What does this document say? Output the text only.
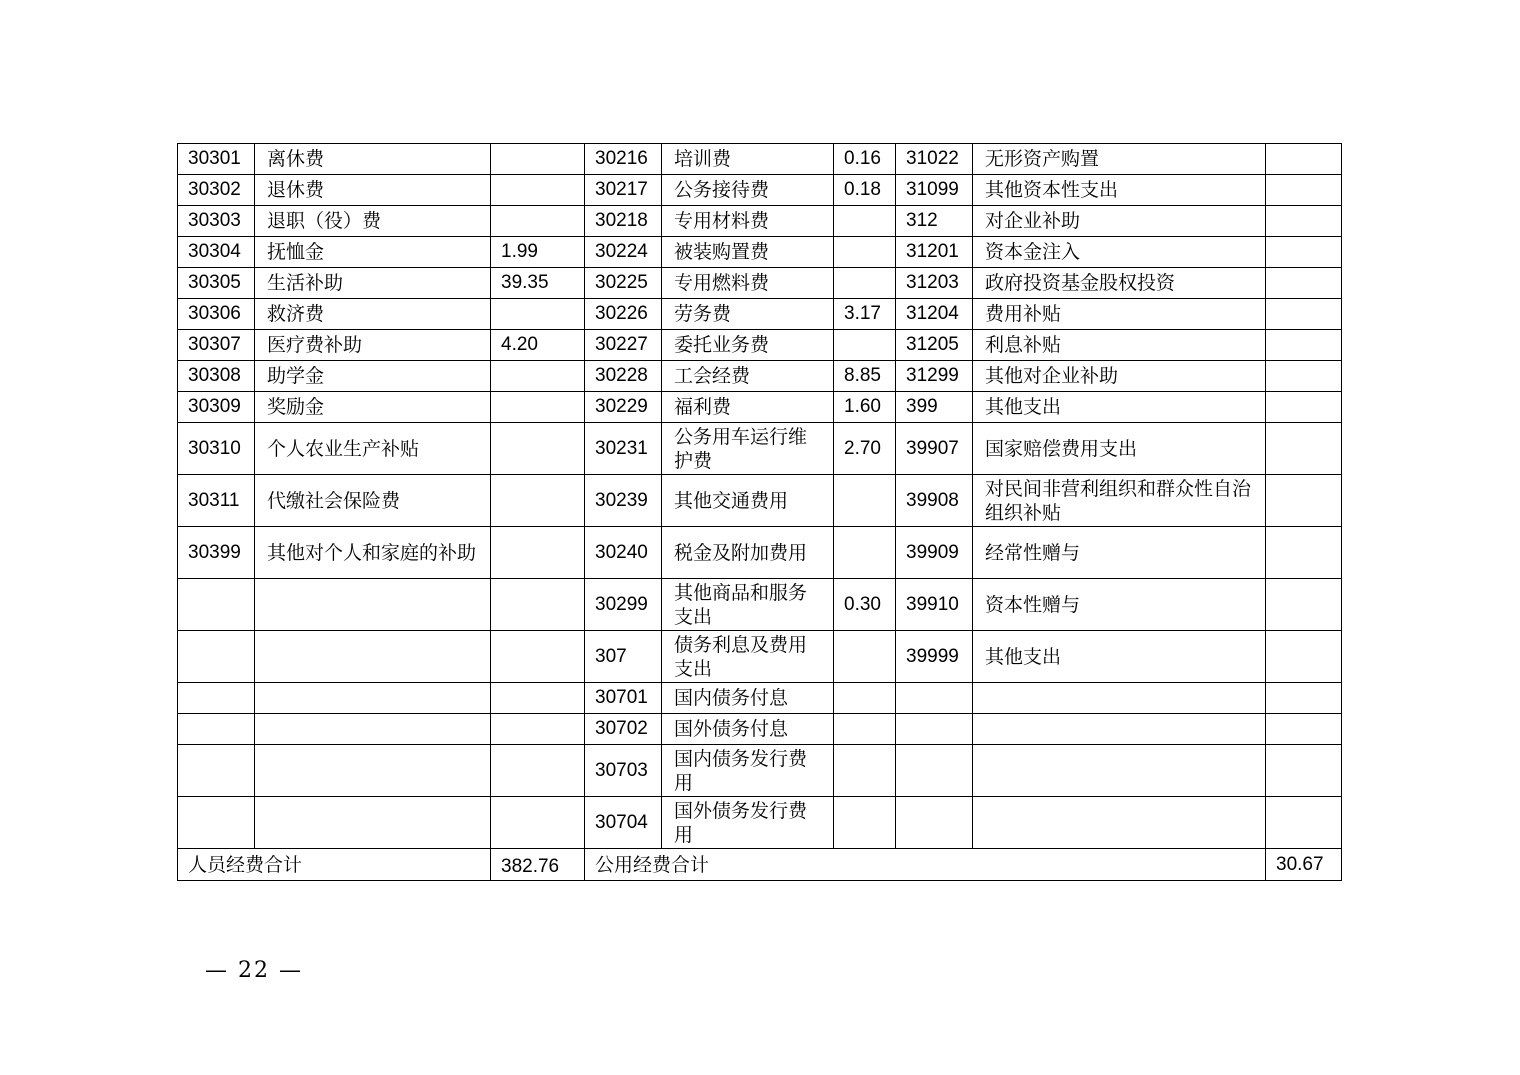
30301	离休费		30216	培训费	0.16	31022	无形资产购置	
30302	退休费		30217	公务接待费	0.18	31099	其他资本性支出	
30303	退职（役）费		30218	专用材料费		312	对企业补助	
30304	抚恤金	1.99	30224	被装购置费		31201	资本金注入	
30305	生活补助	39.35	30225	专用燃料费		31203	政府投资基金股权投资	
30306	救济费		30226	劳务费	3.17	31204	费用补贴	
30307	医疗费补助	4.20	30227	委托业务费		31205	利息补贴	
30308	助学金		30228	工会经费	8.85	31299	其他对企业补助	
30309	奖励金		30229	福利费	1.60	399	其他支出	
30310	个人农业生产补贴		30231	公务用车运行维护费	2.70	39907	国家赔偿费用支出	
30311	代缴社会保险费		30239	其他交通费用		39908	对民间非营利组织和群众性自治组织补贴	
30399	其他对个人和家庭的补助		30240	税金及附加费用		39909	经常性赠与	
			30299	其他商品和服务支出	0.30	39910	资本性赠与	
			307	债务利息及费用支出		39999	其他支出	
			30701	国内债务付息				
			30702	国外债务付息				
			30703	国内债务发行费用				
			30704	国外债务发行费用				
人员经费合计		382.76	公用经费合计					30.67
— 22 —
